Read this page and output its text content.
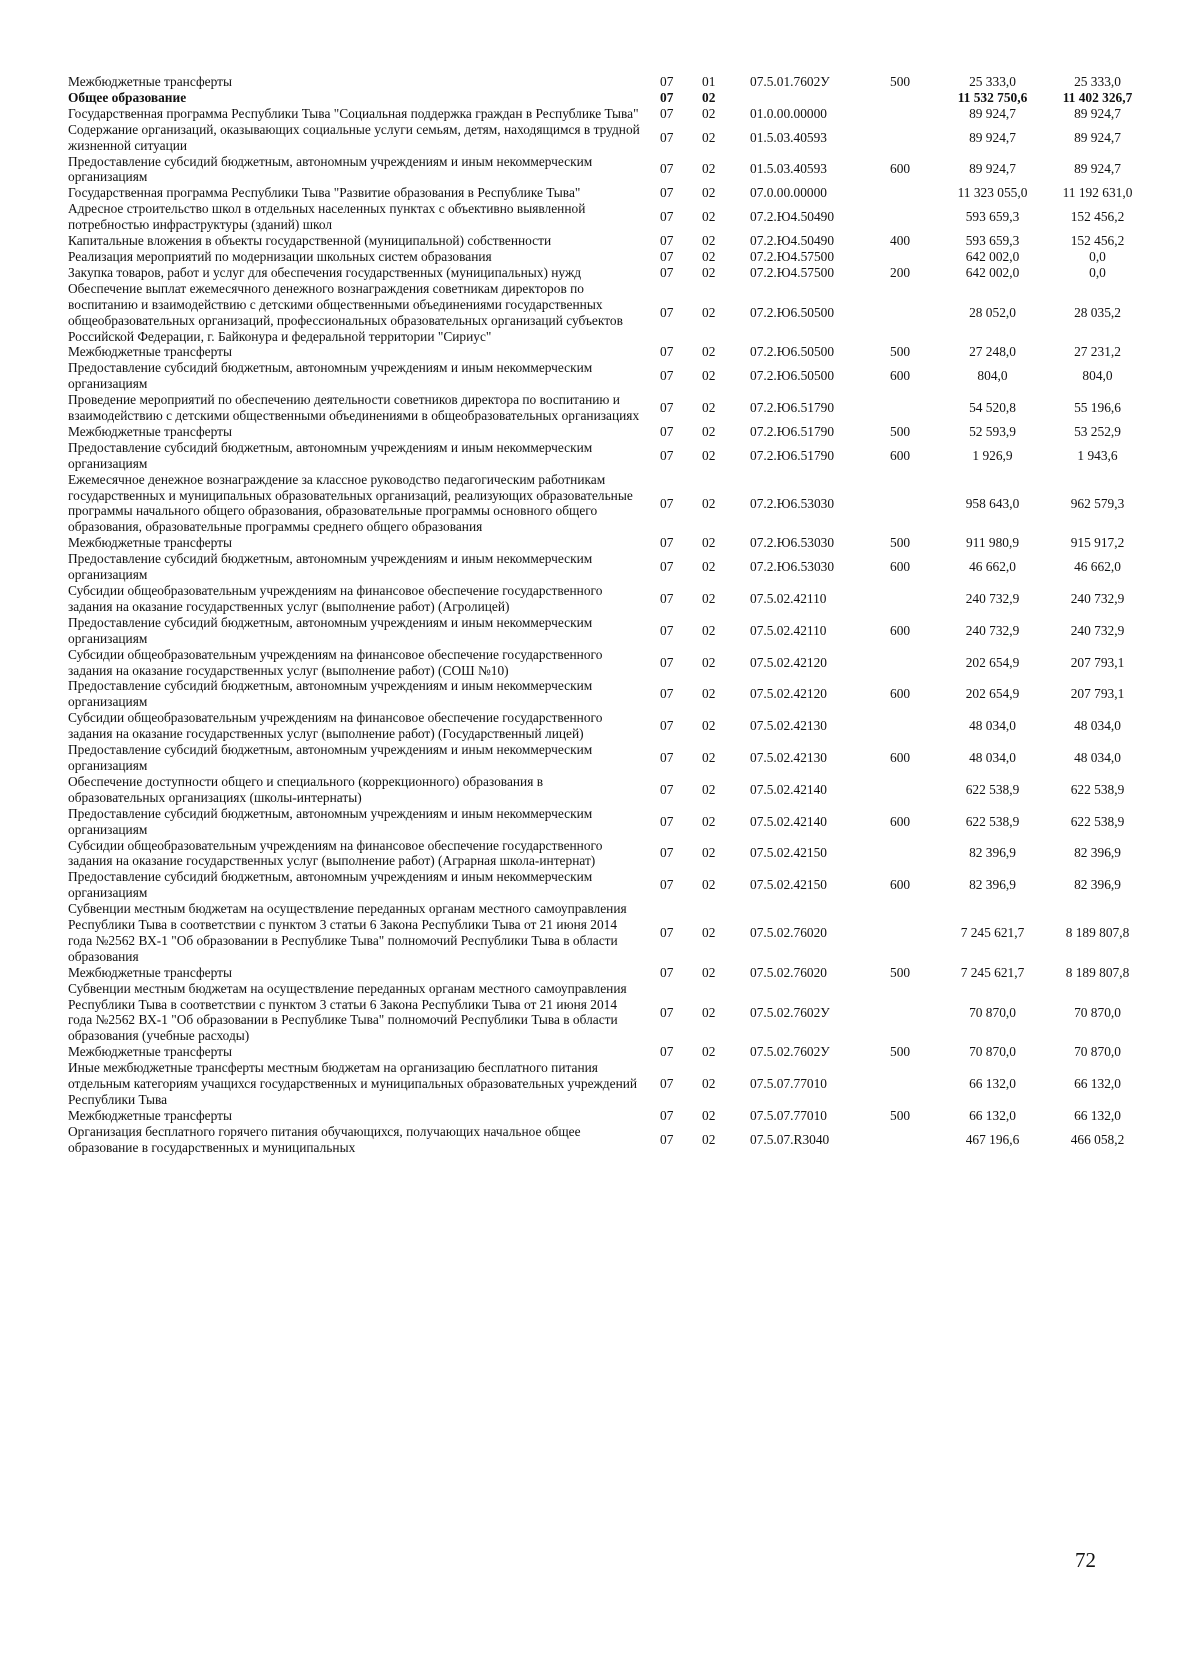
Межбюджетные трансферты	07	01	07.5.01.7602У	500	25 333,0	25 333,0
Общее образование	07	02			11 532 750,6	11 402 326,7
Государственная программа Республики Тыва "Социальная поддержка граждан в Республике Тыва"	07	02	01.0.00.00000		89 924,7	89 924,7
Содержание организаций, оказывающих социальные услуги семьям, детям, находящимся в трудной жизненной ситуации	07	02	01.5.03.40593		89 924,7	89 924,7
Предоставление субсидий бюджетным, автономным учреждениям и иным некоммерческим организациям	07	02	01.5.03.40593	600	89 924,7	89 924,7
Государственная программа Республики Тыва "Развитие образования в Республике Тыва"	07	02	07.0.00.00000		11 323 055,0	11 192 631,0
Адресное строительство школ в отдельных населенных пунктах с объективно выявленной потребностью инфраструктуры (зданий) школ	07	02	07.2.Ю4.50490		593 659,3	152 456,2
Капитальные вложения в объекты государственной (муниципальной) собственности	07	02	07.2.Ю4.50490	400	593 659,3	152 456,2
Реализация мероприятий по модернизации школьных систем образования	07	02	07.2.Ю4.57500		642 002,0	0,0
Закупка товаров, работ и услуг для обеспечения государственных (муниципальных) нужд	07	02	07.2.Ю4.57500	200	642 002,0	0,0
Обеспечение выплат ежемесячного денежного вознаграждения советникам директоров по воспитанию и взаимодействию с детскими общественными объединениями государственных общеобразовательных организаций, профессиональных образовательных организаций субъектов Российской Федерации, г. Байконура и федеральной территории "Сириус"	07	02	07.2.Ю6.50500		28 052,0	28 035,2
Межбюджетные трансферты	07	02	07.2.Ю6.50500	500	27 248,0	27 231,2
Предоставление субсидий бюджетным, автономным учреждениям и иным некоммерческим организациям	07	02	07.2.Ю6.50500	600	804,0	804,0
Проведение мероприятий по обеспечению деятельности советников директора по воспитанию и взаимодействию с детскими общественными объединениями в общеобразовательных организациях	07	02	07.2.Ю6.51790		54 520,8	55 196,6
Межбюджетные трансферты	07	02	07.2.Ю6.51790	500	52 593,9	53 252,9
Предоставление субсидий бюджетным, автономным учреждениям и иным некоммерческим организациям	07	02	07.2.Ю6.51790	600	1 926,9	1 943,6
Ежемесячное денежное вознаграждение за классное руководство педагогическим работникам государственных и муниципальных образовательных организаций, реализующих образовательные программы начального общего образования, образовательные программы основного общего образования, образовательные программы среднего общего образования	07	02	07.2.Ю6.53030		958 643,0	962 579,3
Межбюджетные трансферты	07	02	07.2.Ю6.53030	500	911 980,9	915 917,2
Предоставление субсидий бюджетным, автономным учреждениям и иным некоммерческим организациям	07	02	07.2.Ю6.53030	600	46 662,0	46 662,0
Субсидии общеобразовательным учреждениям на финансовое обеспечение государственного задания на оказание государственных услуг (выполнение работ) (Агролицей)	07	02	07.5.02.42110		240 732,9	240 732,9
Предоставление субсидий бюджетным, автономным учреждениям и иным некоммерческим организациям	07	02	07.5.02.42110	600	240 732,9	240 732,9
Субсидии общеобразовательным учреждениям на финансовое обеспечение государственного задания на оказание государственных услуг (выполнение работ) (СОШ №10)	07	02	07.5.02.42120		202 654,9	207 793,1
Предоставление субсидий бюджетным, автономным учреждениям и иным некоммерческим организациям	07	02	07.5.02.42120	600	202 654,9	207 793,1
Субсидии общеобразовательным учреждениям на финансовое обеспечение государственного задания на оказание государственных услуг (выполнение работ) (Государственный лицей)	07	02	07.5.02.42130		48 034,0	48 034,0
Предоставление субсидий бюджетным, автономным учреждениям и иным некоммерческим организациям	07	02	07.5.02.42130	600	48 034,0	48 034,0
Обеспечение доступности общего и специального (коррекционного) образования в образовательных организациях (школы-интернаты)	07	02	07.5.02.42140		622 538,9	622 538,9
Предоставление субсидий бюджетным, автономным учреждениям и иным некоммерческим организациям	07	02	07.5.02.42140	600	622 538,9	622 538,9
Субсидии общеобразовательным учреждениям на финансовое обеспечение государственного задания на оказание государственных услуг (выполнение работ) (Аграрная школа-интернат)	07	02	07.5.02.42150		82 396,9	82 396,9
Предоставление субсидий бюджетным, автономным учреждениям и иным некоммерческим организациям	07	02	07.5.02.42150	600	82 396,9	82 396,9
Субвенции местным бюджетам на осуществление переданных органам местного самоуправления Республики Тыва в соответствии с пунктом 3 статьи 6 Закона Республики Тыва от 21 июня 2014 года №2562 ВХ-1 "Об образовании в Республике Тыва" полномочий Республики Тыва в области образования	07	02	07.5.02.76020		7 245 621,7	8 189 807,8
Межбюджетные трансферты	07	02	07.5.02.76020	500	7 245 621,7	8 189 807,8
Субвенции местным бюджетам на осуществление переданных органам местного самоуправления Республики Тыва в соответствии с пунктом 3 статьи 6 Закона Республики Тыва от 21 июня 2014 года №2562 ВХ-1 "Об образовании в Республике Тыва" полномочий Республики Тыва в области образования (учебные расходы)	07	02	07.5.02.7602У		70 870,0	70 870,0
Межбюджетные трансферты	07	02	07.5.02.7602У	500	70 870,0	70 870,0
Иные межбюджетные трансферты местным бюджетам на организацию бесплатного питания отдельным категориям учащихся государственных и муниципальных образовательных учреждений Республики Тыва	07	02	07.5.07.77010		66 132,0	66 132,0
Межбюджетные трансферты	07	02	07.5.07.77010	500	66 132,0	66 132,0
Организация бесплатного горячего питания обучающихся, получающих начальное общее образование в государственных и муниципальных	07	02	07.5.07.R3040		467 196,6	466 058,2
72
